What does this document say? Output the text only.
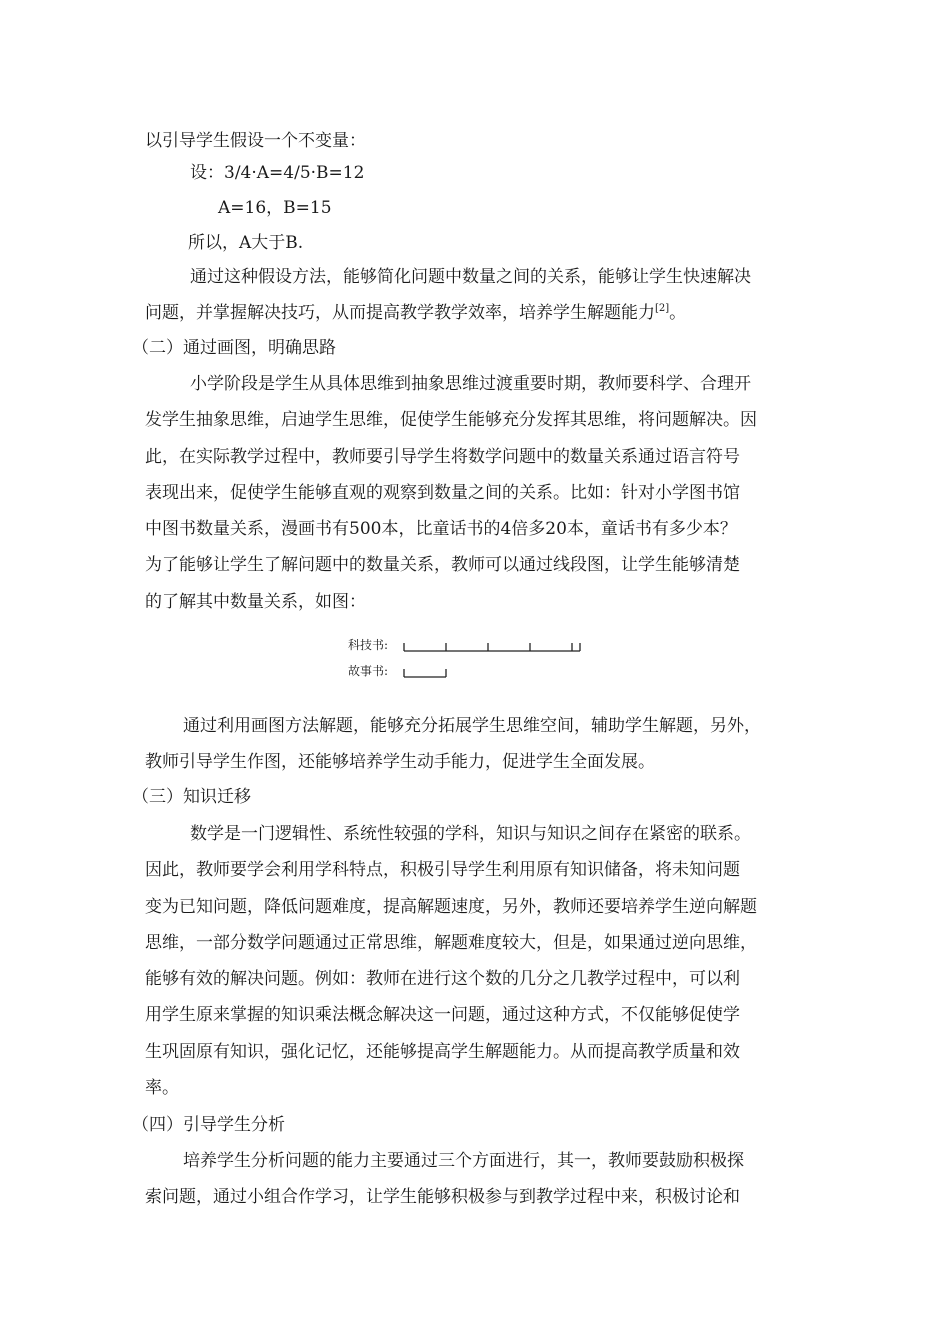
以引导学生假设一个不变量：
设：3/4·A=4/5·B=12
A=16，B=15
所以，A大于B.
通过这种假设方法，能够简化问题中数量之间的关系，能够让学生快速解决
问题，并掌握解决技巧，从而提高教学教学效率，培养学生解题能力[2]。
（二）通过画图，明确思路
小学阶段是学生从具体思维到抽象思维过渡重要时期，教师要科学、合理开
发学生抽象思维，启迪学生思维，促使学生能够充分发挥其思维，将问题解决。因
此，在实际教学过程中，教师要引导学生将数学问题中的数量关系通过语言符号
表现出来，促使学生能够直观的观察到数量之间的关系。比如：针对小学图书馆
中图书数量关系，漫画书有500本，比童话书的4倍多20本，童话书有多少本？
为了能够让学生了解问题中的数量关系，教师可以通过线段图，让学生能够清楚
的了解其中数量关系，如图：
科技书:
故事书:
通过利用画图方法解题，能够充分拓展学生思维空间，辅助学生解题，另外，
教师引导学生作图，还能够培养学生动手能力，促进学生全面发展。
（三）知识迁移
数学是一门逻辑性、系统性较强的学科，知识与知识之间存在紧密的联系。
因此，教师要学会利用学科特点，积极引导学生利用原有知识储备，将未知问题
变为已知问题，降低问题难度，提高解题速度，另外，教师还要培养学生逆向解题
思维，一部分数学问题通过正常思维，解题难度较大，但是，如果通过逆向思维，
能够有效的解决问题。例如：教师在进行这个数的几分之几教学过程中，可以利
用学生原来掌握的知识乘法概念解决这一问题，通过这种方式，不仅能够促使学
生巩固原有知识，强化记忆，还能够提高学生解题能力。从而提高教学质量和效
率。
（四）引导学生分析
培养学生分析问题的能力主要通过三个方面进行，其一，教师要鼓励积极探
索问题，通过小组合作学习，让学生能够积极参与到教学过程中来，积极讨论和
